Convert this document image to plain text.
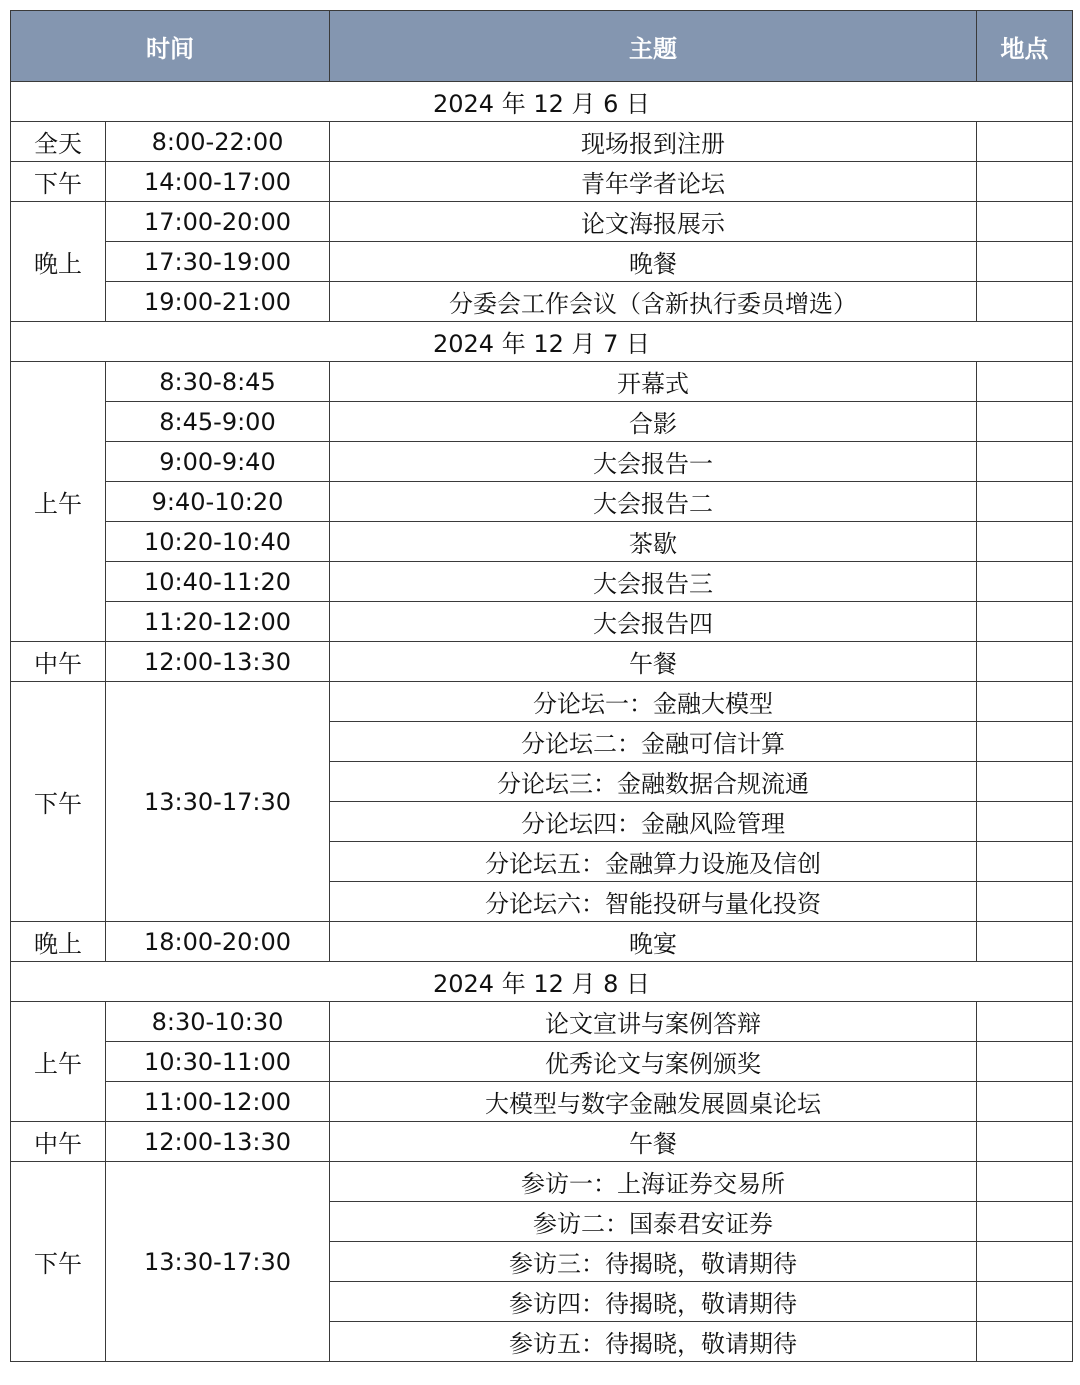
时间		主题	地点
2024 年 12 月 6 日			
全天	8:00-22:00	现场报到注册	
下午	14:00-17:00	青年学者论坛	
晚上	17:00-20:00	论文海报展示	
	17:30-19:00	晚餐	
	19:00-21:00	分委会工作会议（含新执行委员增选）	
2024 年 12 月 7 日			
上午	8:30-8:45	开幕式	
	8:45-9:00	合影	
	9:00-9:40	大会报告一	
	9:40-10:20	大会报告二	
	10:20-10:40	茶歇	
	10:40-11:20	大会报告三	
	11:20-12:00	大会报告四	
中午	12:00-13:30	午餐	
下午	13:30-17:30	分论坛一：金融大模型	
		分论坛二：金融可信计算	
		分论坛三：金融数据合规流通	
		分论坛四：金融风险管理	
		分论坛五：金融算力设施及信创	
		分论坛六：智能投研与量化投资	
晚上	18:00-20:00	晚宴	
2024 年 12 月 8 日			
上午	8:30-10:30	论文宣讲与案例答辩	
	10:30-11:00	优秀论文与案例颁奖	
	11:00-12:00	大模型与数字金融发展圆桌论坛	
中午	12:00-13:30	午餐	
下午	13:30-17:30	参访一：上海证券交易所	
		参访二：国泰君安证券	
		参访三：待揭晓，敬请期待	
		参访四：待揭晓，敬请期待	
		参访五：待揭晓，敬请期待	
